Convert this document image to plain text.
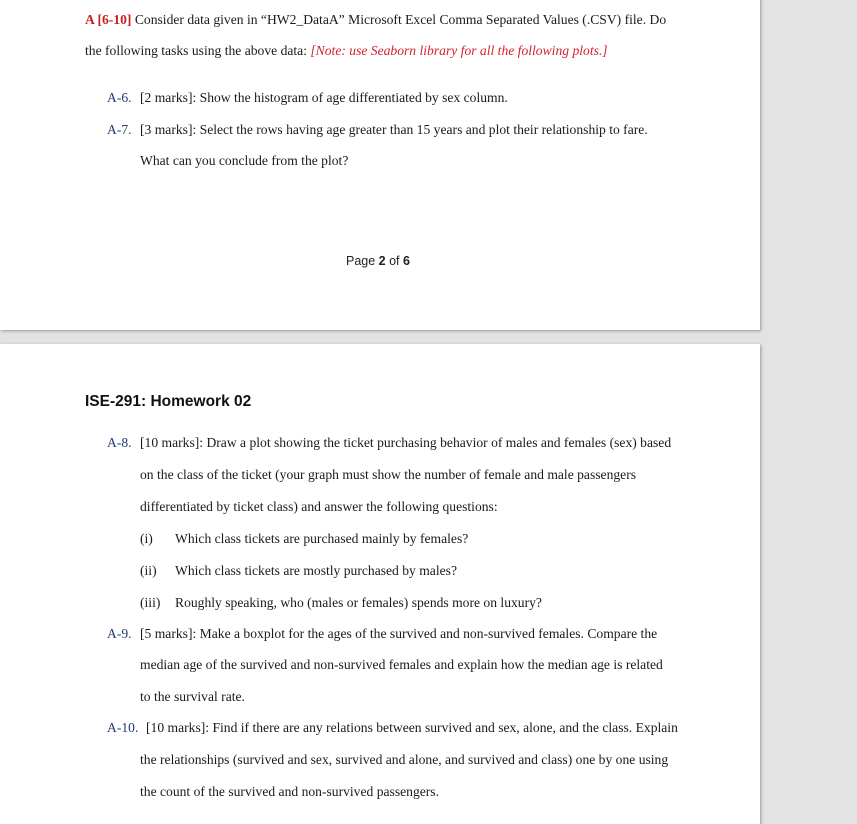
A [6-10] Consider data given in “HW2_DataA” Microsoft Excel Comma Separated Values (.CSV) file. Do
the following tasks using the above data: [Note: use Seaborn library for all the following plots.]
A-6. [2 marks]: Show the histogram of age differentiated by sex column.
A-7. [3 marks]: Select the rows having age greater than 15 years and plot their relationship to fare.
What can you conclude from the plot?
Page 2 of 6
ISE-291: Homework 02
A-8. [10 marks]: Draw a plot showing the ticket purchasing behavior of males and females (sex) based
on the class of the ticket (your graph must show the number of female and male passengers
differentiated by ticket class) and answer the following questions:
(i) Which class tickets are purchased mainly by females?
(ii) Which class tickets are mostly purchased by males?
(iii) Roughly speaking, who (males or females) spends more on luxury?
A-9. [5 marks]: Make a boxplot for the ages of the survived and non-survived females. Compare the
median age of the survived and non-survived females and explain how the median age is related
to the survival rate.
A-10. [10 marks]: Find if there are any relations between survived and sex, alone, and the class. Explain
the relationships (survived and sex, survived and alone, and survived and class) one by one using
the count of the survived and non-survived passengers.
